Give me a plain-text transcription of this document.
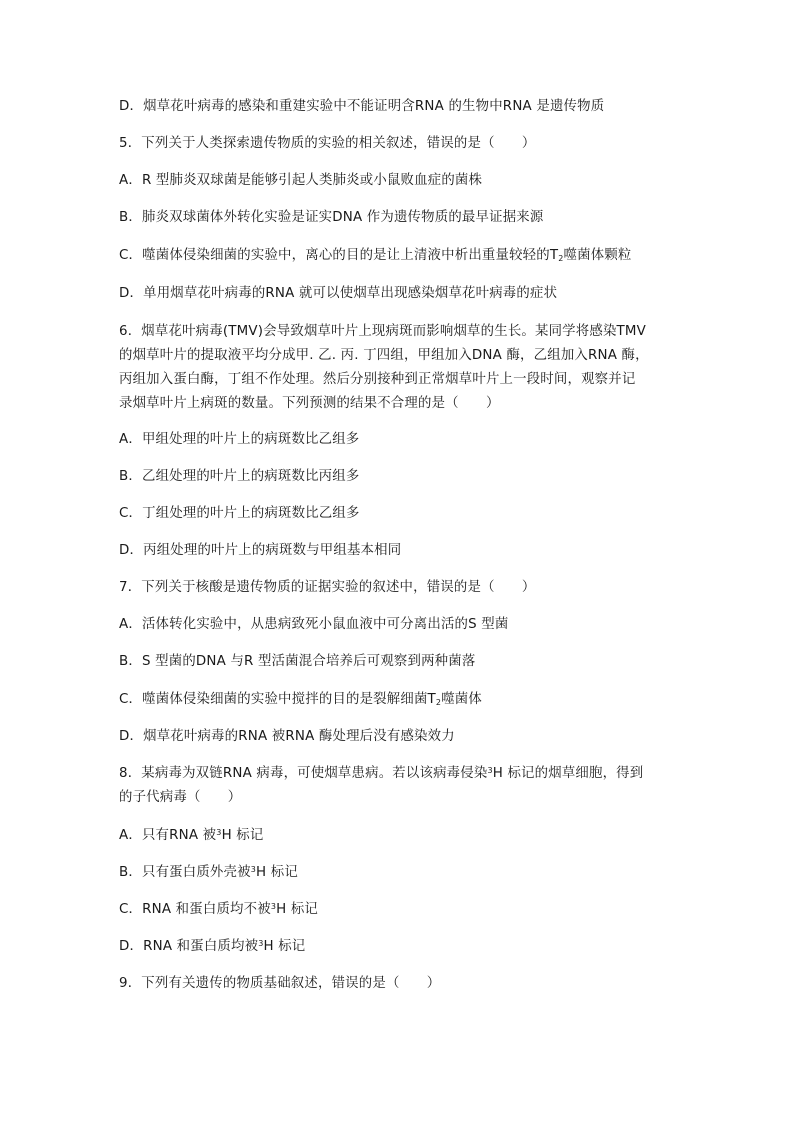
D．烟草花叶病毒的感染和重建实验中不能证明含RNA 的生物中RNA 是遗传物质
5．下列关于人类探索遗传物质的实验的相关叙述，错误的是（　　）
A．R 型肺炎双球菌是能够引起人类肺炎或小鼠败血症的菌株
B．肺炎双球菌体外转化实验是证实DNA 作为遗传物质的最早证据来源
C．噬菌体侵染细菌的实验中，离心的目的是让上清液中析出重量较轻的$T_2$噬菌体颗粒
D．单用烟草花叶病毒的RNA 就可以使烟草出现感染烟草花叶病毒的症状
6．烟草花叶病毒(TMV)会导致烟草叶片上现病斑而影响烟草的生长。某同学将感染TMV
的烟草叶片的提取液平均分成甲. 乙. 丙. 丁四组，甲组加入DNA 酶，乙组加入RNA 酶，
丙组加入蛋白酶，丁组不作处理。然后分别接种到正常烟草叶片上一段时间，观察并记
录烟草叶片上病斑的数量。下列预测的结果不合理的是（　　）
A．甲组处理的叶片上的病斑数比乙组多
B．乙组处理的叶片上的病斑数比丙组多
C．丁组处理的叶片上的病斑数比乙组多
D．丙组处理的叶片上的病斑数与甲组基本相同
7．下列关于核酸是遗传物质的证据实验的叙述中，错误的是（　　）
A．活体转化实验中，从患病致死小鼠血液中可分离出活的S 型菌
B．S 型菌的DNA 与R 型活菌混合培养后可观察到两种菌落
C．噬菌体侵染细菌的实验中搅拌的目的是裂解细菌$T_2$噬菌体
D．烟草花叶病毒的RNA 被RNA 酶处理后没有感染效力
8．某病毒为双链RNA 病毒，可使烟草患病。若以该病毒侵染$^3$H 标记的烟草细胞，得到
的子代病毒（　　）
A．只有RNA 被$^3$H 标记
B．只有蛋白质外壳被$^3$H 标记
C．RNA 和蛋白质均不被$^3$H 标记
D．RNA 和蛋白质均被$^3$H 标记
9．下列有关遗传的物质基础叙述，错误的是（　　）
